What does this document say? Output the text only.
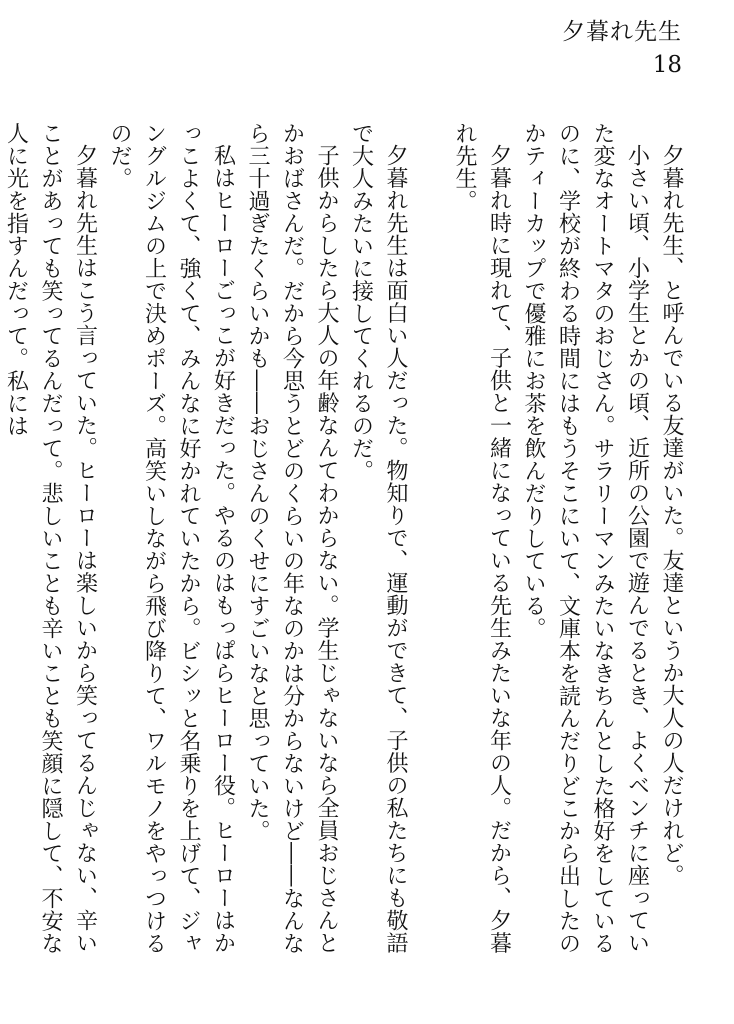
夕暮れ先生
18

夕暮れ先生、と呼んでいる友達がいた。友達というか大人の人だけれど。

小さい頃、小学生とかの頃、近所の公園で遊んでるとき、よくベンチに座っていた変なオートマタのおじさん。サラリーマンみたいなきちんとした格好をしているのに、学校が終わる時間にはもうそこにいて、文庫本を読んだりどこから出したのかティーカップで優雅にお茶を飲んだりしている。

夕暮れ時に現れて、子供と一緒になっている先生みたいな年の人。だから、夕暮れ先生。

夕暮れ先生は面白い人だった。物知りで、運動ができて、子供の私たちにも敬語で大人みたいに接してくれるのだ。

子供からしたら大人の年齢なんてわからない。学生じゃないなら全員おじさんとかおばさんだ。だから今思うとどのくらいの年なのかは分からないけど――なんなら三十過ぎたくらいかも――おじさんのくせにすごいなと思っていた。

私はヒーローごっこが好きだった。やるのはもっぱらヒーロー役。ヒーローはかっこよくて、強くて、みんなに好かれていたから。ビシッと名乗りを上げて、ジャングルジムの上で決めポーズ。高笑いしながら飛び降りて、ワルモノをやっつけるのだ。

夕暮れ先生はこう言っていた。ヒーローは楽しいから笑ってるんじゃない、辛いことがあっても笑ってるんだって。悲しいことも辛いことも笑顔に隠して、不安な人に光を指すんだって。私には
